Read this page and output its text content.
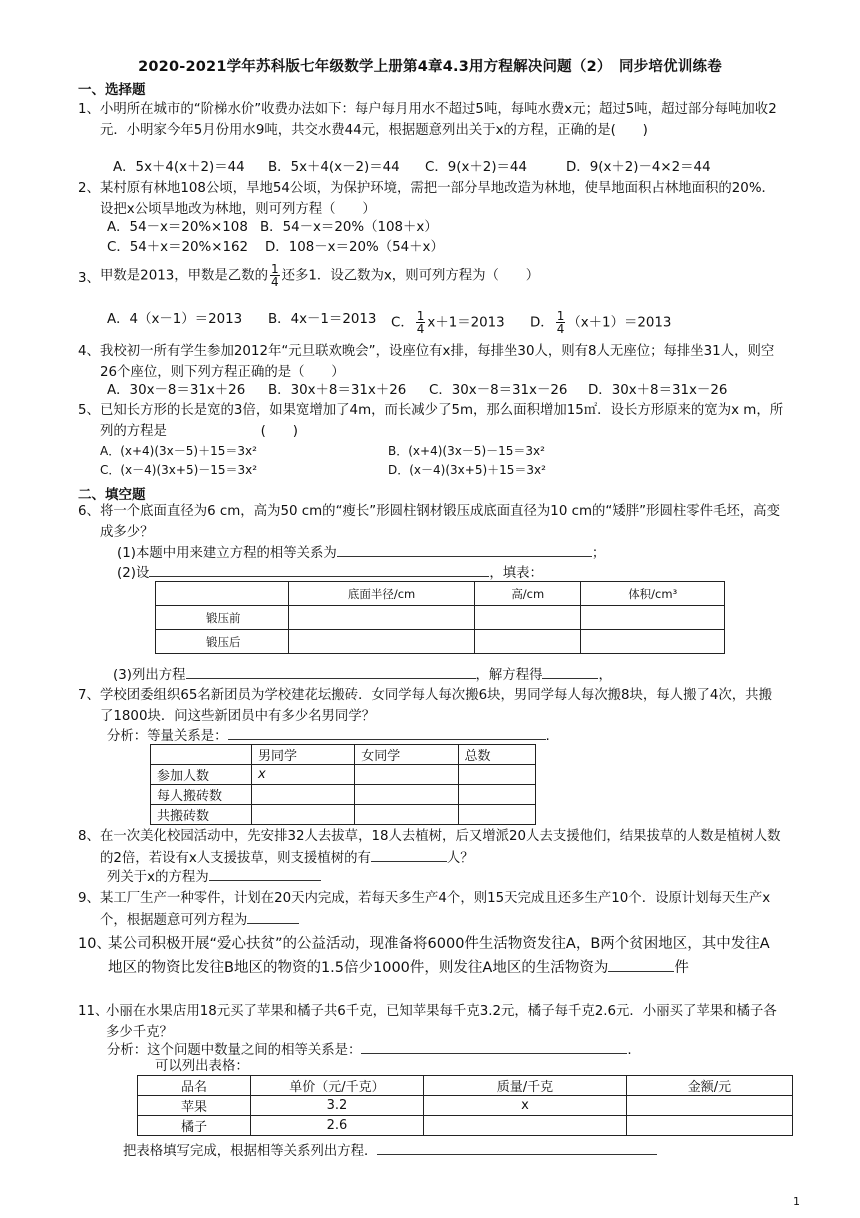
2020-2021学年苏科版七年级数学上册第4章4.3用方程解决问题（2）　同步培优训练卷
一、选择题
1、 小明所在城市的“阶梯水价”收费办法如下：每户每月用水不超过5吨，每吨水费x元；超过5吨，超过部分每吨加收2元．小明家今年5月份用水9吨，共交水费44元，根据题意列出关于x的方程，正确的是(　　)
A．5x＋4(x＋2)＝44 B．5x＋4(x－2)＝44 C．9(x＋2)＝44	D．9(x＋2)－4×2＝44
2、 某村原有林地108公顷，旱地54公顷，为保护环境，需把一部分旱地改造为林地，使旱地面积占林地面积的20%．设把x公顷旱地改为林地，则可列方程（　　）
A．54－x＝20%×108 B．54－x＝20%（108＋x）
C．54＋x＝20%×162 D．108－x＝20%（54＋x）
3、 甲数是2013，甲数是乙数的 $\frac{1}{4}$ 还多1．设乙数为x，则可列方程为（　　）
A．4（x－1）＝2013 B．4x－1＝2013 C． $\frac{1}{4} x+1=2013$ D． $\frac{1}{4} (x+1)=2013$
4、 我校初一所有学生参加2012年“元旦联欢晚会”，设座位有x排，每排坐30人，则有8人无座位；每排坐31人，则空26个座位，则下列方程正确的是（　　）
A．30x－8＝31x＋26 B．30x＋8＝31x＋26 C．30x－8＝31x－26 D．30x＋8＝31x－26
5、 已知长方形的长是宽的3倍，如果宽增加了4m，而长减少了5m，那么面积增加15㎡．设长方形原来的宽为x m，所列的方程是　　　　　　　(　　)
A．(x+4)(3x－5)＋15＝3x²	B．(x+4)(3x－5)－15＝3x²
C．(x－4)(3x+5)－15＝3x²	D．(x－4)(3x+5)＋15＝3x²
二、填空题
6、 将一个底面直径为6 cm，高为50 cm的“瘦长”形圆柱钢材锻压成底面直径为10 cm的“矮胖”形圆柱零件毛坯，高变成多少？
(1)本题中用来建立方程的相等关系为	；
(2)设	，填表：
	底面半径/cm	高/cm	体积/cm³
锻压前			
锻压后			
(3)列出方程	，解方程得	，
7、 学校团委组织65名新团员为学校建花坛搬砖．女同学每人每次搬6块，男同学每人每次搬8块，每人搬了4次，共搬了1800块．问这些新团员中有多少名男同学？
分析：等量关系是：	.
	男同学	女同学	总数
参加人数	x		
每人搬砖数			
共搬砖数			
8、 在一次美化校园活动中，先安排32人去拔草，18人去植树，后又增派20人去支援他们，结果拔草的人数是植树人数的2倍，若设有x人支援拔草，则支援植树的有	人？
列关于x的方程为
9、 某工厂生产一种零件，计划在20天内完成，若每天多生产4个，则15天完成且还多生产10个．设原计划每天生产x个，根据题意可列方程为
10、
某公司积极开展“爱心扶贫”的公益活动，现准备将6000件生活物资发往A，B两个贫困地区，其中发往A地区的物资比发往B地区的物资的1.5倍少1000件，则发往A地区的生活物资为	件
11、
小丽在水果店用18元买了苹果和橘子共6千克，已知苹果每千克3.2元，橘子每千克2.6元．小丽买了苹果和橘子各多少千克？
分析：这个问题中数量之间的相等关系是：	.
可以列出表格：
品名	单价（元/千克）	质量/千克	金额/元
苹果	3.2	x	
橘子	2.6		
把表格填写完成，根据相等关系列出方程．
1
